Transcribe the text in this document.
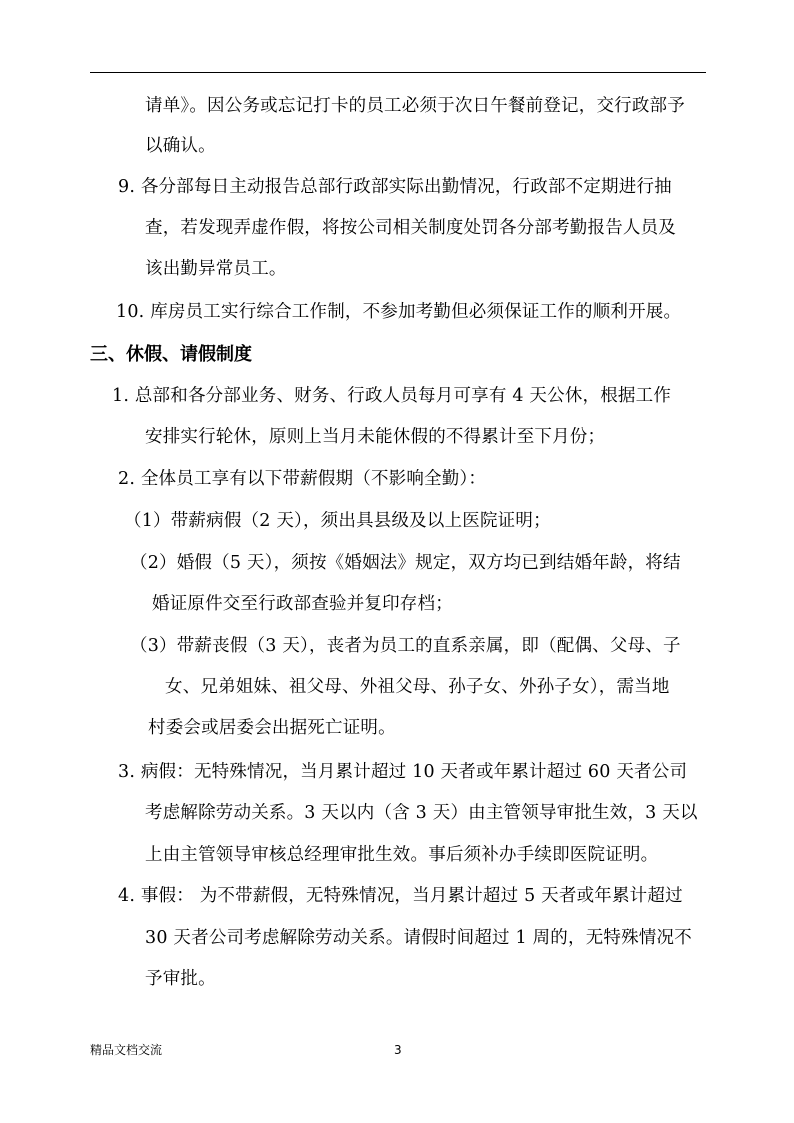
请单》。因公务或忘记打卡的员工必须于次日午餐前登记，交行政部予
以确认。
9. 各分部每日主动报告总部行政部实际出勤情况，行政部不定期进行抽
查，若发现弄虚作假，将按公司相关制度处罚各分部考勤报告人员及
该出勤异常员工。
10. 库房员工实行综合工作制，不参加考勤但必须保证工作的顺利开展。
三、休假、请假制度
1. 总部和各分部业务、财务、行政人员每月可享有 4 天公休，根据工作
安排实行轮休，原则上当月未能休假的不得累计至下月份；
2. 全体员工享有以下带薪假期（不影响全勤）：
（1）带薪病假（2 天），须出具县级及以上医院证明；
（2）婚假（5 天），须按《婚姻法》规定，双方均已到结婚年龄，将结
婚证原件交至行政部查验并复印存档；
（3）带薪丧假（3 天），丧者为员工的直系亲属，即（配偶、父母、子
女、兄弟姐妹、祖父母、外祖父母、孙子女、外孙子女），需当地
村委会或居委会出据死亡证明。
3. 病假：无特殊情况，当月累计超过 10 天者或年累计超过 60 天者公司
考虑解除劳动关系。3 天以内（含 3 天）由主管领导审批生效，3 天以
上由主管领导审核总经理审批生效。事后须补办手续即医院证明。
4. 事假： 为不带薪假，无特殊情况，当月累计超过 5 天者或年累计超过
30 天者公司考虑解除劳动关系。请假时间超过 1 周的，无特殊情况不
予审批。
精品文档交流	3
